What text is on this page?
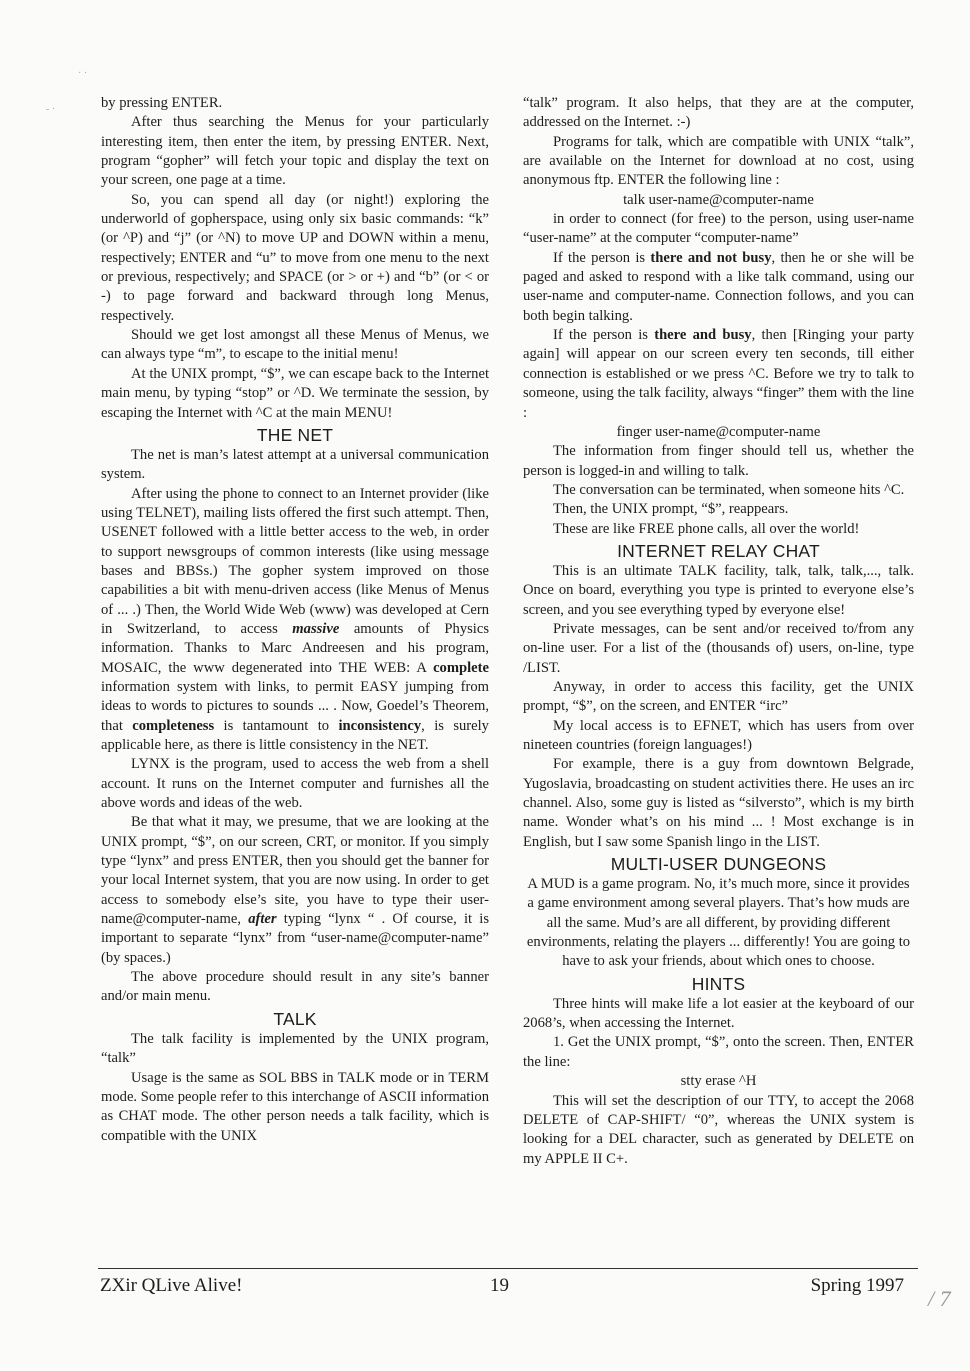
· ·
- ·	by pressing ENTER.

After thus searching the Menus for your particularly interesting item, then enter the item, by pressing ENTER. Next, program “gopher” will fetch your topic and display the text on your screen, one page at a time.

So, you can spend all day (or night!) exploring the underworld of gopherspace, using only six basic commands: “k” (or ^P) and “j” (or ^N) to move UP and DOWN within a menu, respectively; ENTER and “u” to move from one menu to the next or previous, respectively; and SPACE (or > or +) and “b” (or < or -) to page forward and backward through long Menus, respectively.

Should we get lost amongst all these Menus of Menus, we can always type “m”, to escape to the initial menu!

At the UNIX prompt, “$”, we can escape back to the Internet main menu, by typing “stop” or ^D. We terminate the session, by escaping the Internet with ^C at the main MENU!

THE NET

The net is man’s latest attempt at a universal communication system.

After using the phone to connect to an Internet provider (like using TELNET), mailing lists offered the first such attempt. Then, USENET followed with a little better access to the web, in order to support newsgroups of common interests (like using message bases and BBSs.) The gopher system improved on those capabilities a bit with menu-driven access (like Menus of Menus of ... .) Then, the World Wide Web (www) was developed at Cern in Switzerland, to access massive amounts of Physics information. Thanks to Marc Andreesen and his program, MOSAIC, the www degenerated into THE WEB: A complete information system with links, to permit EASY jumping from ideas to words to pictures to sounds ... . Now, Goedel’s Theorem, that completeness is tantamount to inconsistency, is surely applicable here, as there is little consistency in the NET.

LYNX is the program, used to access the web from a shell account. It runs on the Internet computer and furnishes all the above words and ideas of the web.

Be that what it may, we presume, that we are looking at the UNIX prompt, “$”, on our screen, CRT, or monitor. If you simply type “lynx” and press ENTER, then you should get the banner for your local Internet system, that you are now using. In order to get access to somebody else’s site, you have to type their user-name@computer-name, after typing “lynx “ . Of course, it is important to separate “lynx” from “user-name@computer-name” (by spaces.)

The above procedure should result in any site’s banner and/or main menu.

TALK

The talk facility is implemented by the UNIX program, “talk”

Usage is the same as SOL BBS in TALK mode or in TERM mode. Some people refer to this interchange of ASCII information as CHAT mode. The other person needs a talk facility, which is compatible with the UNIX

“talk” program. It also helps, that they are at the computer, addressed on the Internet. :-)

Programs for talk, which are compatible with UNIX “talk”, are available on the Internet for download at no cost, using anonymous ftp. ENTER the following line :

talk user-name@computer-name

in order to connect (for free) to the person, using user-name “user-name” at the computer “computer-name”

If the person is there and not busy, then he or she will be paged and asked to respond with a like talk command, using our user-name and computer-name. Connection follows, and you can both begin talking.

If the person is there and busy, then [Ringing your party again] will appear on our screen every ten seconds, till either connection is established or we press ^C. Before we try to talk to someone, using the talk facility, always “finger” them with the line :

finger user-name@computer-name

The information from finger should tell us, whether the person is logged-in and willing to talk.

The conversation can be terminated, when someone hits ^C.

Then, the UNIX prompt, “$”, reappears.

These are like FREE phone calls, all over the world!

INTERNET RELAY CHAT

This is an ultimate TALK facility, talk, talk, talk,..., talk. Once on board, everything you type is printed to everyone else’s screen, and you see everything typed by everyone else!

Private messages, can be sent and/or received to/from any on-line user. For a list of the (thousands of) users, on-line, type /LIST.

Anyway, in order to access this facility, get the UNIX prompt, “$”, on the screen, and ENTER “irc”

My local access is to EFNET, which has users from over nineteen countries (foreign languages!)

For example, there is a guy from downtown Belgrade, Yugoslavia, broadcasting on student activities there. He uses an irc channel. Also, some guy is listed as “silversto”, which is my birth name. Wonder what’s on his mind ... ! Most exchange is in English, but I saw some Spanish lingo in the LIST.

MULTI-USER DUNGEONS

A MUD is a game program. No, it’s much more, since it provides a game environment among several players. That’s how muds are all the same. Mud’s are all different, by providing different environments, relating the players ... differently! You are going to have to ask your friends, about which ones to choose.

HINTS

Three hints will make life a lot easier at the keyboard of our 2068’s, when accessing the Internet.

1. Get the UNIX prompt, “$”, onto the screen. Then, ENTER the line:

stty erase ^H

This will set the description of our TTY, to accept the 2068 DELETE of CAP-SHIFT/ “0”, whereas the UNIX system is looking for a DEL character, such as generated by DELETE on my APPLE II C+.

ZXir QLive Alive!	19	Spring 1997
/ 7
